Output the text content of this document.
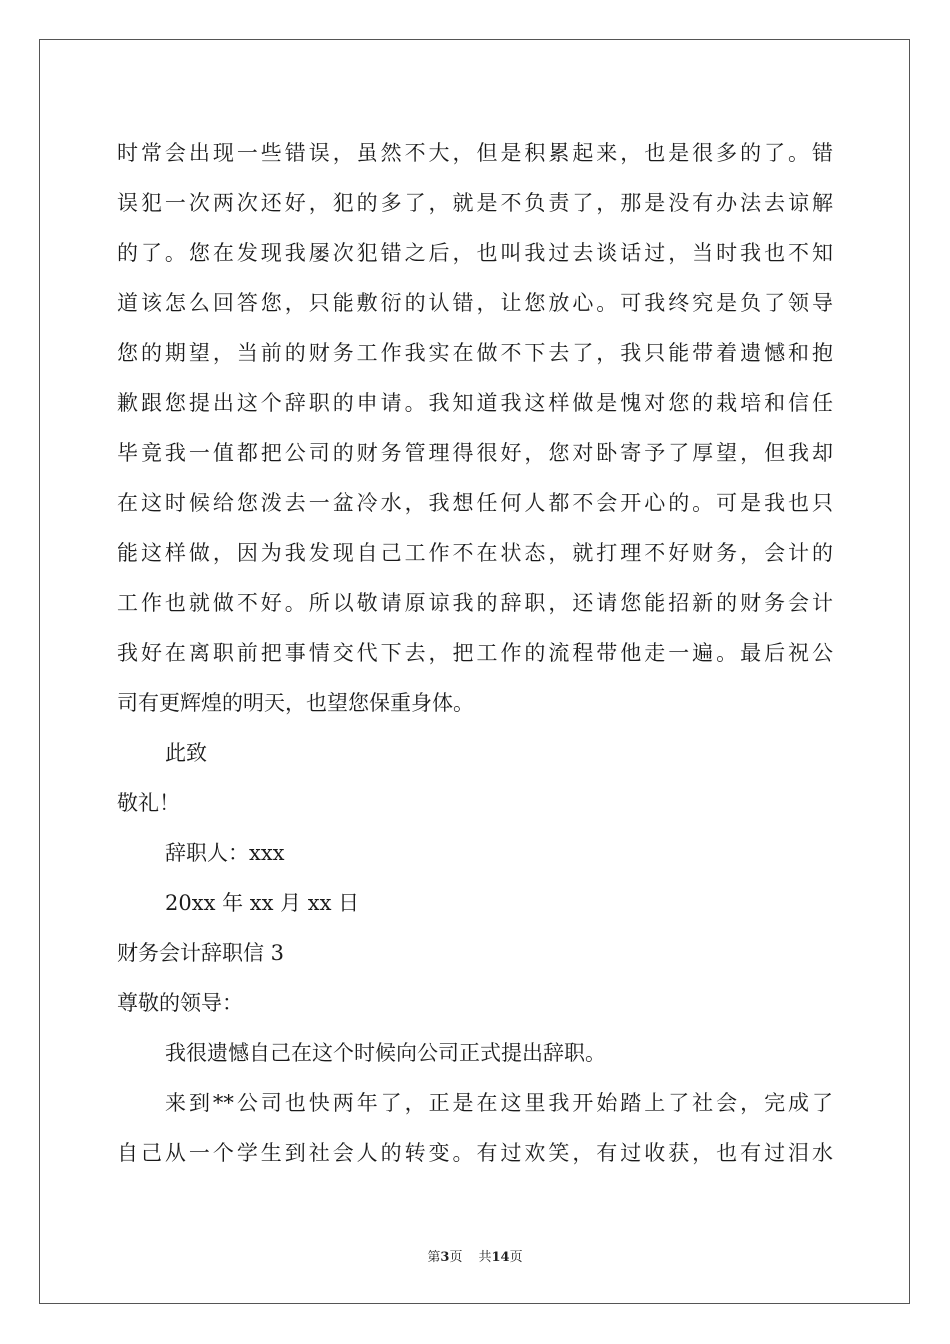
时常会出现一些错误，虽然不大，但是积累起来，也是很多的了。错
误犯一次两次还好，犯的多了，就是不负责了，那是没有办法去谅解
的了。您在发现我屡次犯错之后，也叫我过去谈话过，当时我也不知
道该怎么回答您，只能敷衍的认错，让您放心。可我终究是负了领导
您的期望，当前的财务工作我实在做不下去了，我只能带着遗憾和抱
歉跟您提出这个辞职的申请。我知道我这样做是愧对您的栽培和信任
毕竟我一值都把公司的财务管理得很好，您对卧寄予了厚望，但我却
在这时候给您泼去一盆冷水，我想任何人都不会开心的。可是我也只
能这样做，因为我发现自己工作不在状态，就打理不好财务，会计的
工作也就做不好。所以敬请原谅我的辞职，还请您能招新的财务会计
我好在离职前把事情交代下去，把工作的流程带他走一遍。最后祝公
司有更辉煌的明天，也望您保重身体。
此致
敬礼！
辞职人：xxx
20xx 年 xx 月 xx 日
财务会计辞职信 3
尊敬的领导：
我很遗憾自己在这个时候向公司正式提出辞职。
来到**公司也快两年了，正是在这里我开始踏上了社会，完成了
自己从一个学生到社会人的转变。有过欢笑，有过收获，也有过泪水
第3页 共14页
